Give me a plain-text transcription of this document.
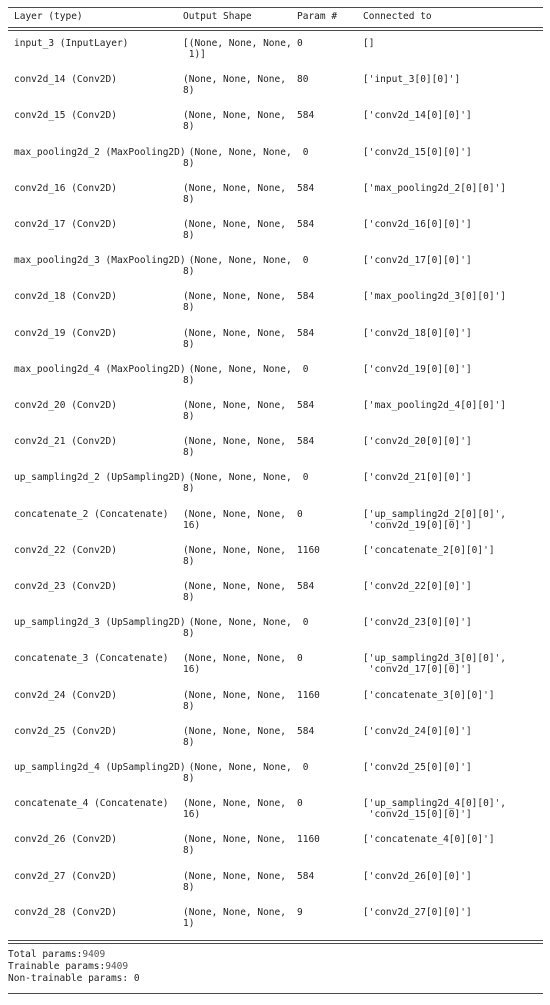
Layer (type)	Output Shape	Param #	Connected to
input_3 (InputLayer)	[(None, None, None,
1)]
0	[]
conv2d_14 (Conv2D)	(None, None, None,
8)
80	['input_3[0][0]']
conv2d_15 (Conv2D)	(None, None, None,
8)
584	['conv2d_14[0][0]']
max_pooling2d_2 (MaxPooling2D)
(None, None, None,
8)
0	['conv2d_15[0][0]']
conv2d_16 (Conv2D)	(None, None, None,
8)
584	['max_pooling2d_2[0][0]']
conv2d_17 (Conv2D)	(None, None, None,
8)
584	['conv2d_16[0][0]']
max_pooling2d_3 (MaxPooling2D)
(None, None, None,
8)
0	['conv2d_17[0][0]']
conv2d_18 (Conv2D)	(None, None, None,
8)
584	['max_pooling2d_3[0][0]']
conv2d_19 (Conv2D)	(None, None, None,
8)
584	['conv2d_18[0][0]']
max_pooling2d_4 (MaxPooling2D)
(None, None, None,
8)
0	['conv2d_19[0][0]']
conv2d_20 (Conv2D)	(None, None, None,
8)
584	['max_pooling2d_4[0][0]']
conv2d_21 (Conv2D)	(None, None, None,
8)
584	['conv2d_20[0][0]']
up_sampling2d_2 (UpSampling2D)
(None, None, None,
8)
0	['conv2d_21[0][0]']
concatenate_2 (Concatenate) (None, None, None,
16)
0	['up_sampling2d_2[0][0]',
'conv2d_19[0][0]']
conv2d_22 (Conv2D)	(None, None, None,
8)
1160	['concatenate_2[0][0]']
conv2d_23 (Conv2D)	(None, None, None,
8)
584	['conv2d_22[0][0]']
up_sampling2d_3 (UpSampling2D)
(None, None, None,
8)
0	['conv2d_23[0][0]']
concatenate_3 (Concatenate) (None, None, None,
16)
0	['up_sampling2d_3[0][0]',
'conv2d_17[0][0]']
conv2d_24 (Conv2D)	(None, None, None,
8)
1160	['concatenate_3[0][0]']
conv2d_25 (Conv2D)	(None, None, None,
8)
584	['conv2d_24[0][0]']
up_sampling2d_4 (UpSampling2D)
(None, None, None,
8)
0	['conv2d_25[0][0]']
concatenate_4 (Concatenate) (None, None, None,
16)
0	['up_sampling2d_4[0][0]',
'conv2d_15[0][0]']
conv2d_26 (Conv2D)	(None, None, None,
8)
1160	['concatenate_4[0][0]']
conv2d_27 (Conv2D)	(None, None, None,
8)
584	['conv2d_26[0][0]']
conv2d_28 (Conv2D)	(None, None, None,
1)
9	['conv2d_27[0][0]']
Total params:9409
Trainable params:9409
Non-trainable params: 0
